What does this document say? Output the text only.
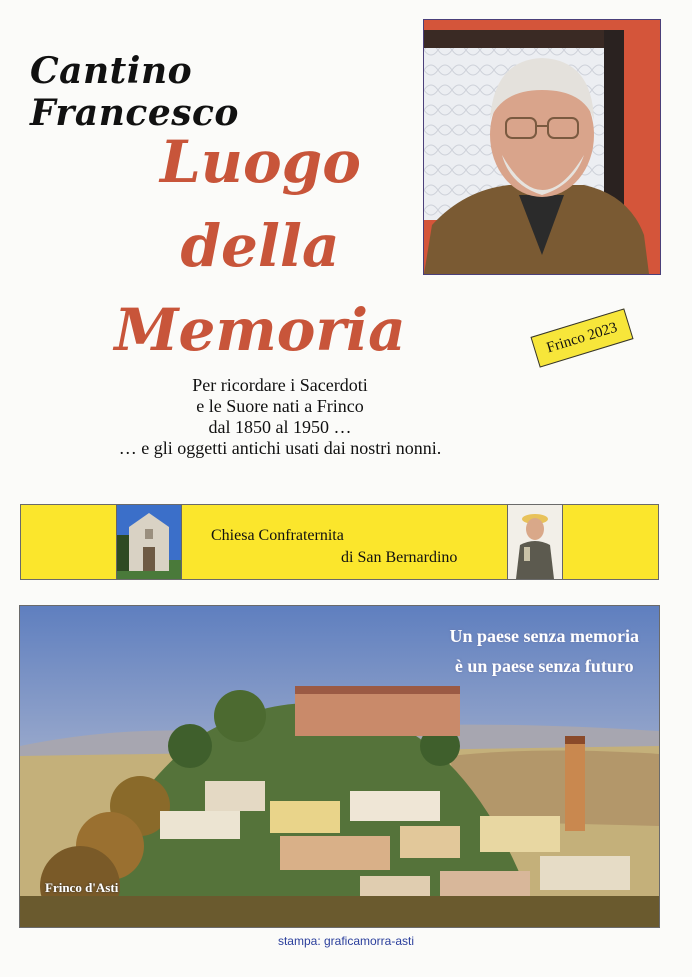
Cantino Francesco
Luogo
della
Memoria	Frinco 2023
Per ricordare i Sacerdoti
e le Suore nati a Frinco
dal 1850 al 1950 …
… e gli oggetti antichi usati dai nostri nonni.
Chiesa Confraternita
di San Bernardino
Un paese senza memoria
è un paese senza futuro
Frinco d'Asti
stampa: graficamorra-asti
